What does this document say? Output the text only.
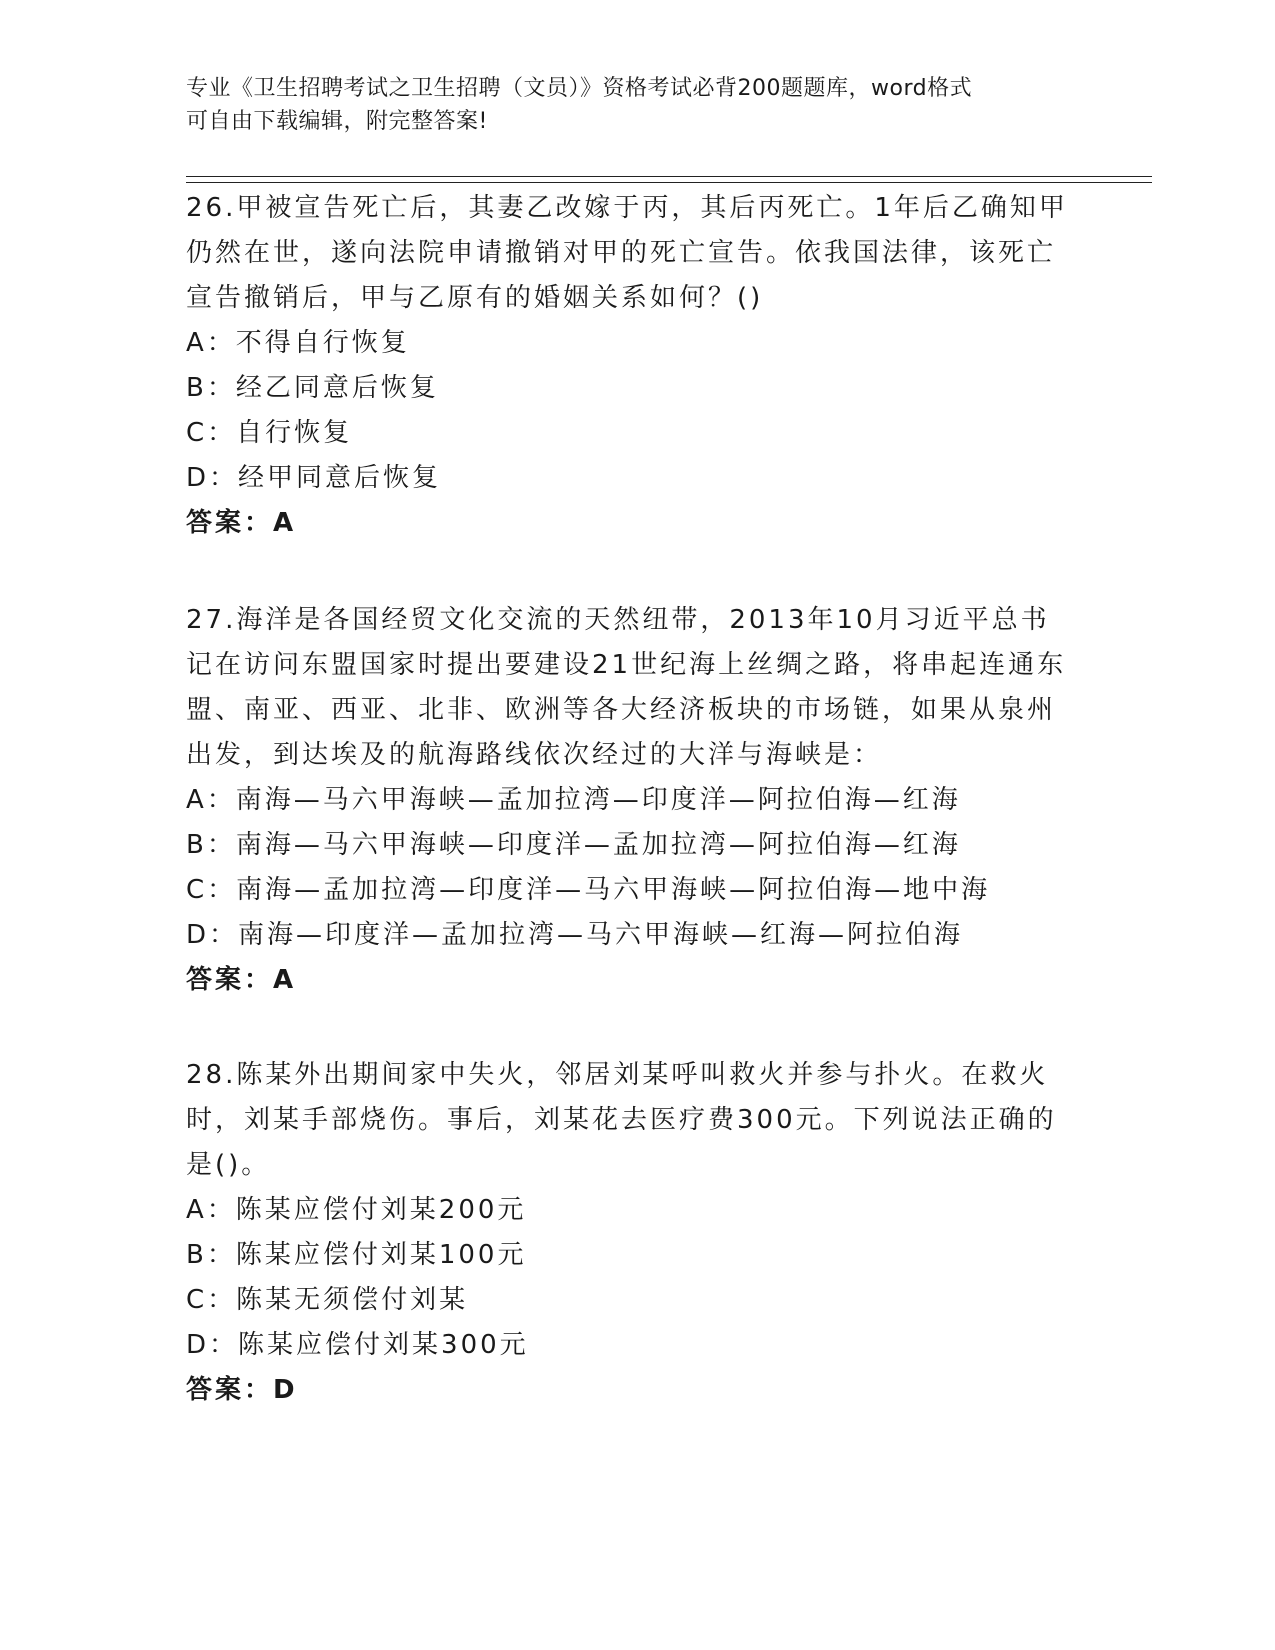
专业《卫生招聘考试之卫生招聘（文员）》资格考试必背200题题库，word格式
可自由下载编辑，附完整答案!
26.甲被宣告死亡后，其妻乙改嫁于丙，其后丙死亡。1年后乙确知甲仍然在世，遂向法院申请撤销对甲的死亡宣告。依我国法律，该死亡宣告撤销后，甲与乙原有的婚姻关系如何？()
A：不得自行恢复
B：经乙同意后恢复
C：自行恢复
D：经甲同意后恢复
答案：A
27.海洋是各国经贸文化交流的天然纽带，2013年10月习近平总书记在访问东盟国家时提出要建设21世纪海上丝绸之路，将串起连通东盟、南亚、西亚、北非、欧洲等各大经济板块的市场链，如果从泉州出发，到达埃及的航海路线依次经过的大洋与海峡是：
A：南海—马六甲海峡—孟加拉湾—印度洋—阿拉伯海—红海
B：南海—马六甲海峡—印度洋—孟加拉湾—阿拉伯海—红海
C：南海—孟加拉湾—印度洋—马六甲海峡—阿拉伯海—地中海
D：南海—印度洋—孟加拉湾—马六甲海峡—红海—阿拉伯海
答案：A
28.陈某外出期间家中失火，邻居刘某呼叫救火并参与扑火。在救火时，刘某手部烧伤。事后，刘某花去医疗费300元。下列说法正确的是()。
A：陈某应偿付刘某200元
B：陈某应偿付刘某100元
C：陈某无须偿付刘某
D：陈某应偿付刘某300元
答案：D
